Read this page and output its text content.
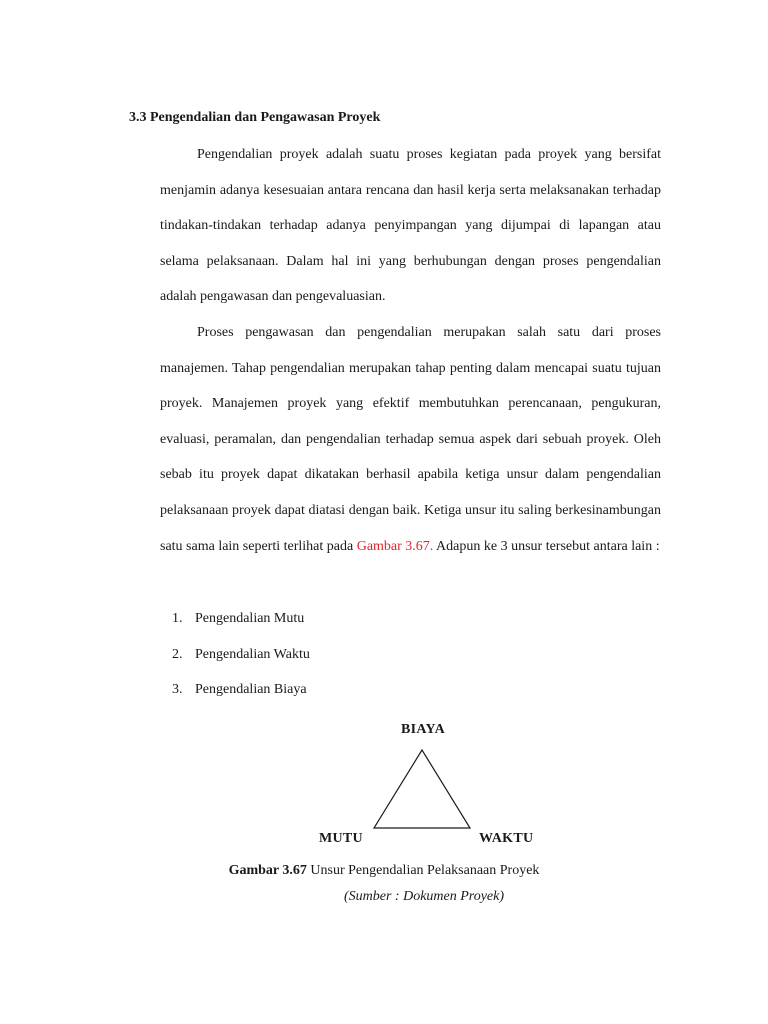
3.3 Pengendalian dan Pengawasan Proyek

Pengendalian proyek adalah suatu proses kegiatan pada proyek yang bersifat menjamin adanya kesesuaian antara rencana dan hasil kerja serta melaksanakan terhadap tindakan-tindakan terhadap adanya penyimpangan yang dijumpai di lapangan atau selama pelaksanaan. Dalam hal ini yang berhubungan dengan proses pengendalian adalah pengawasan dan pengevaluasian.

Proses pengawasan dan pengendalian merupakan salah satu dari proses manajemen. Tahap pengendalian merupakan tahap penting dalam mencapai suatu tujuan proyek. Manajemen proyek yang efektif membutuhkan perencanaan, pengukuran, evaluasi, peramalan, dan pengendalian terhadap semua aspek dari sebuah proyek. Oleh sebab itu proyek dapat dikatakan berhasil apabila ketiga unsur dalam pengendalian pelaksanaan proyek dapat diatasi dengan baik. Ketiga unsur itu saling berkesinambungan satu sama lain seperti terlihat pada Gambar 3.67. Adapun ke 3 unsur tersebut antara lain :

1. Pengendalian Mutu
2. Pengendalian Waktu
3. Pengendalian Biaya
BIAYA
MUTU	WAKTU
Gambar 3.67 Unsur Pengendalian Pelaksanaan Proyek
(Sumber : Dokumen Proyek)
